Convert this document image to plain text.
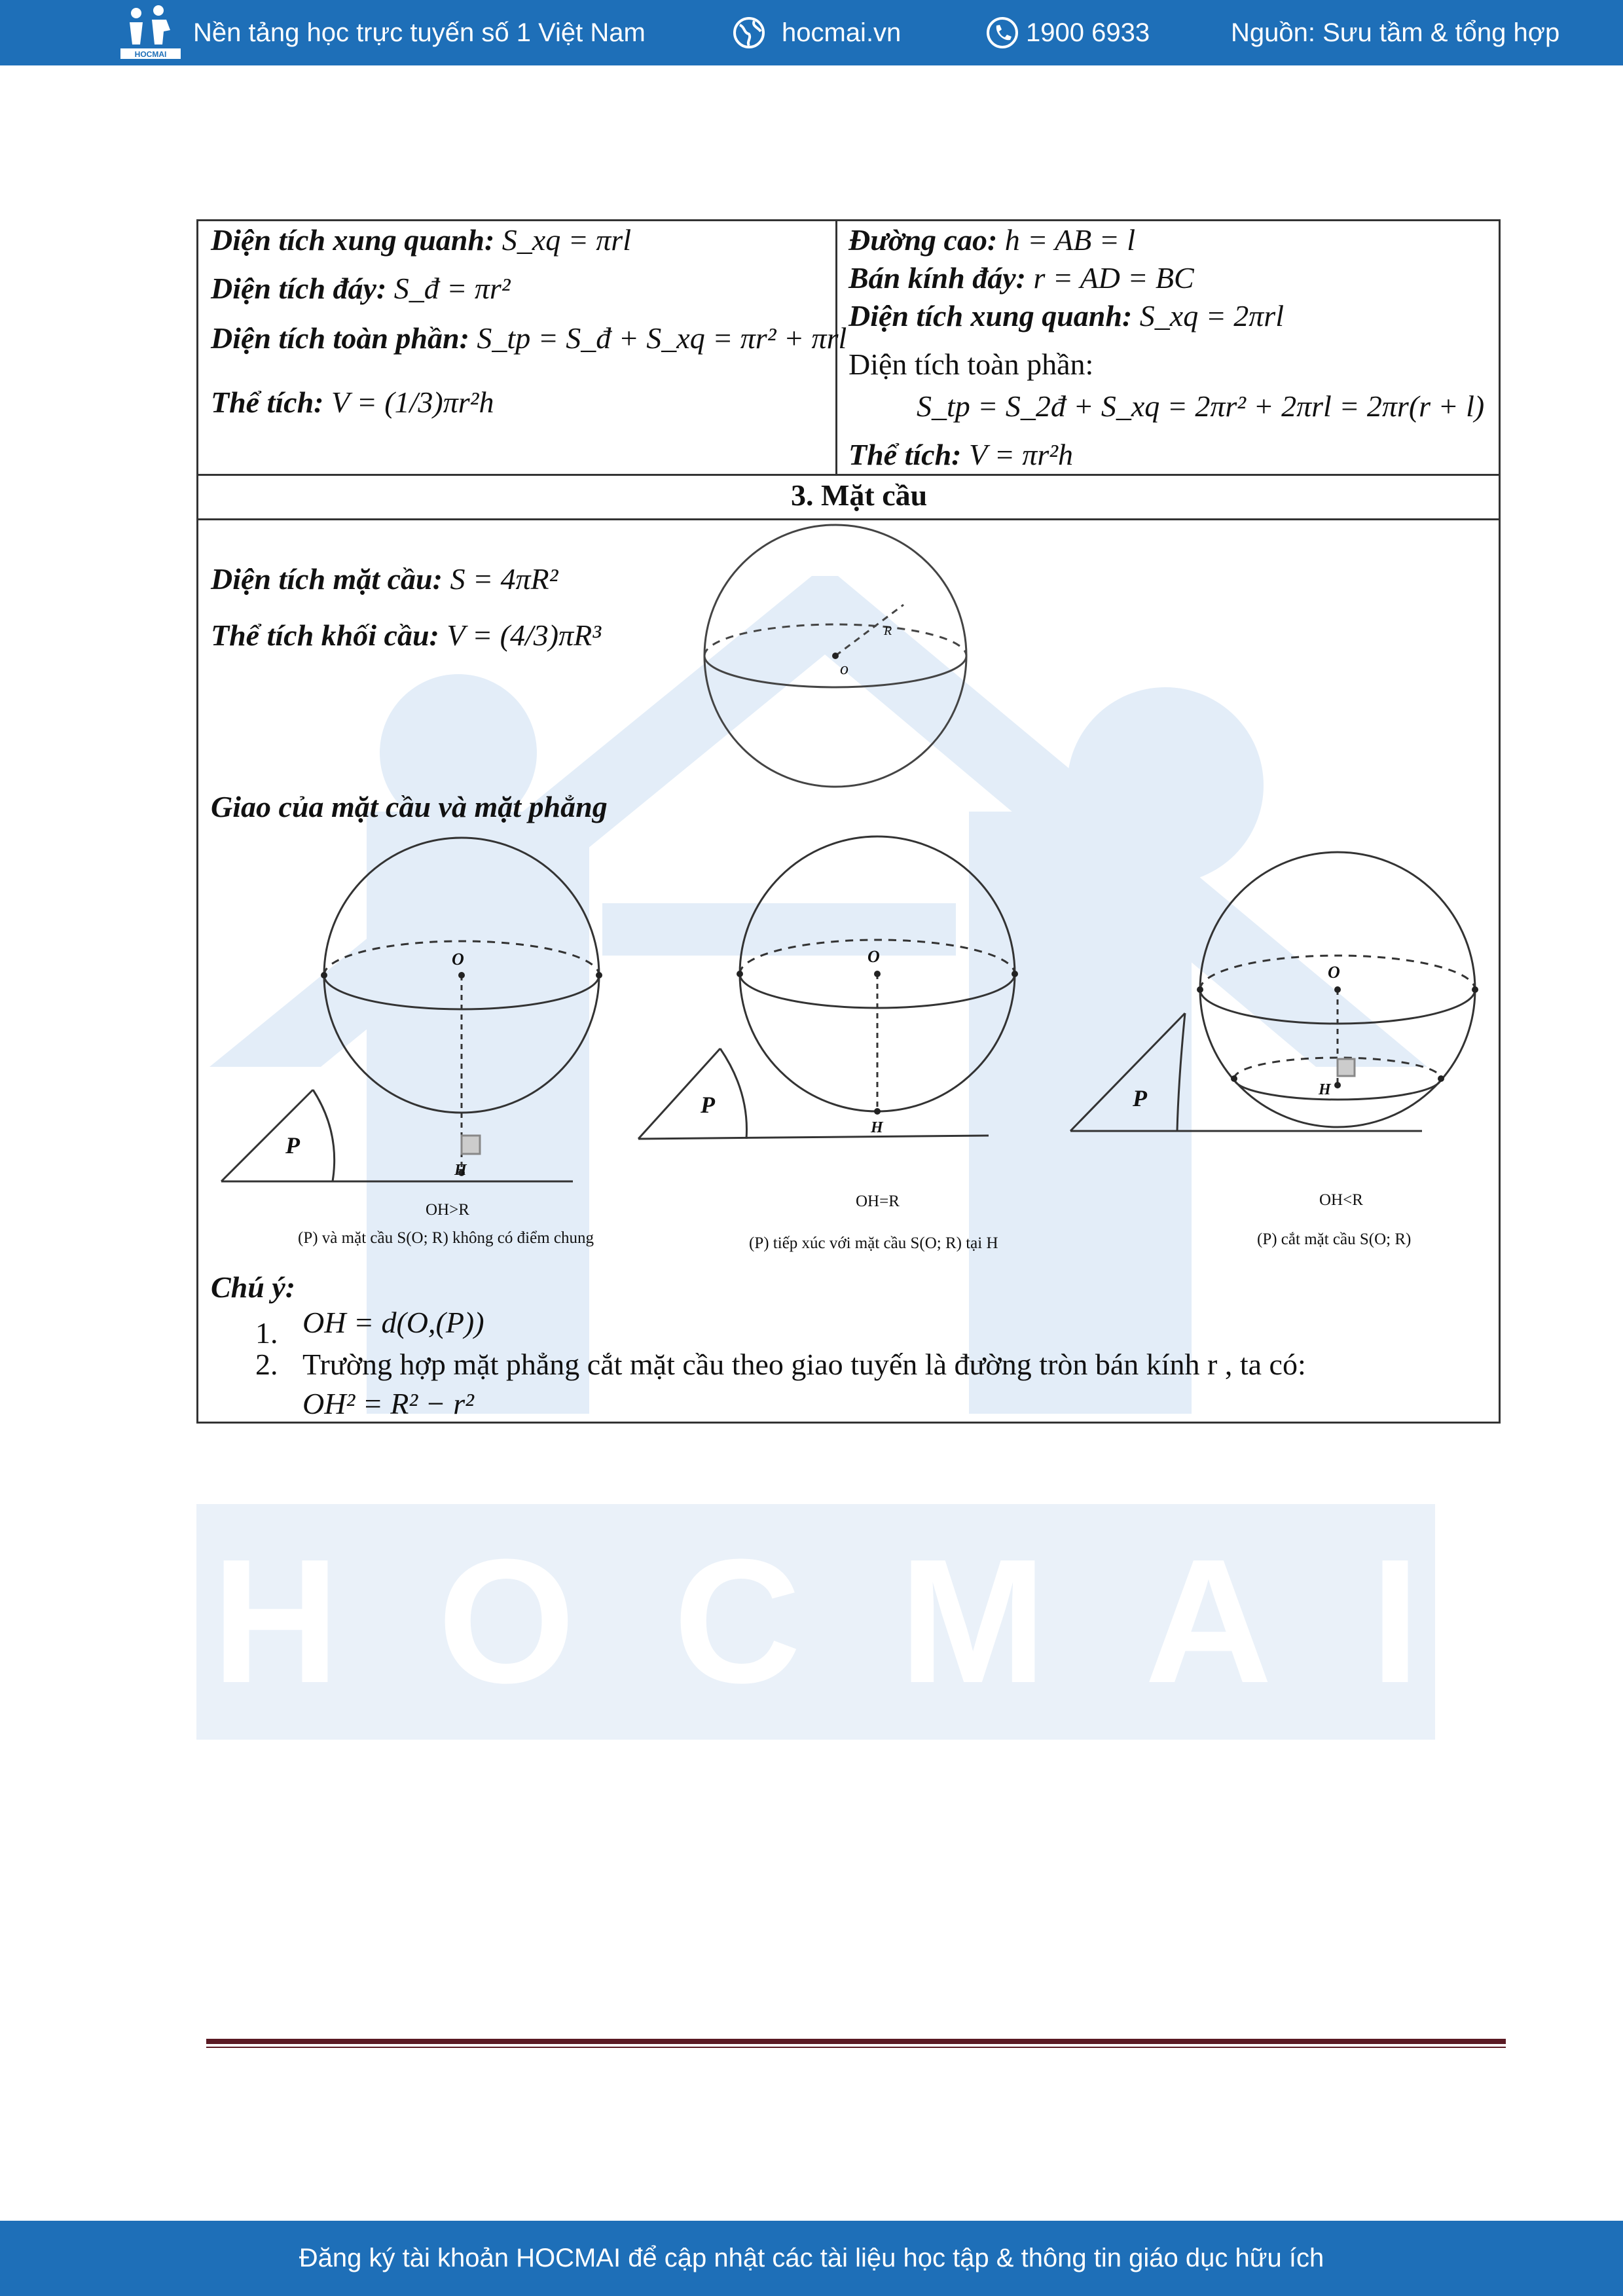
HOCMAI
Nền tảng học trực tuyến số 1 Việt Nam	hocmai.vn	1900 6933	Nguồn: Sưu tầm & tổng hợp
HOCMAI
Diện tích xung quanh: S_xq = πrl
Diện tích đáy: S_đ = πr²
Diện tích toàn phần: S_tp = S_đ + S_xq = πr² + πrl
Thể tích: V = (1/3)πr²h
Đường cao: h = AB = l
Bán kính đáy: r = AD = BC
Diện tích xung quanh: S_xq = 2πrl
Diện tích toàn phần:
S_tp = S_2đ + S_xq = 2πr² + 2πrl = 2πr(r + l)
Thể tích: V = πr²h
3. Mặt cầu
Diện tích mặt cầu: S = 4πR²
Thể tích khối cầu: V = (4/3)πR³
o
R
Giao của mặt cầu và mặt phẳng
O
H
P
O
H
P
O
H
P
OH>R
(P) và mặt cầu S(O; R) không có điểm chung
OH=R
(P) tiếp xúc với mặt cầu S(O; R) tại H
OH<R
(P) cắt mặt cầu S(O; R)
Chú ý:
1. OH = d(O,(P))
2. Trường hợp mặt phẳng cắt mặt cầu theo giao tuyến là đường tròn bán kính r , ta có:
OH² = R² − r²
Đăng ký tài khoản HOCMAI để cập nhật các tài liệu học tập & thông tin giáo dục hữu ích
